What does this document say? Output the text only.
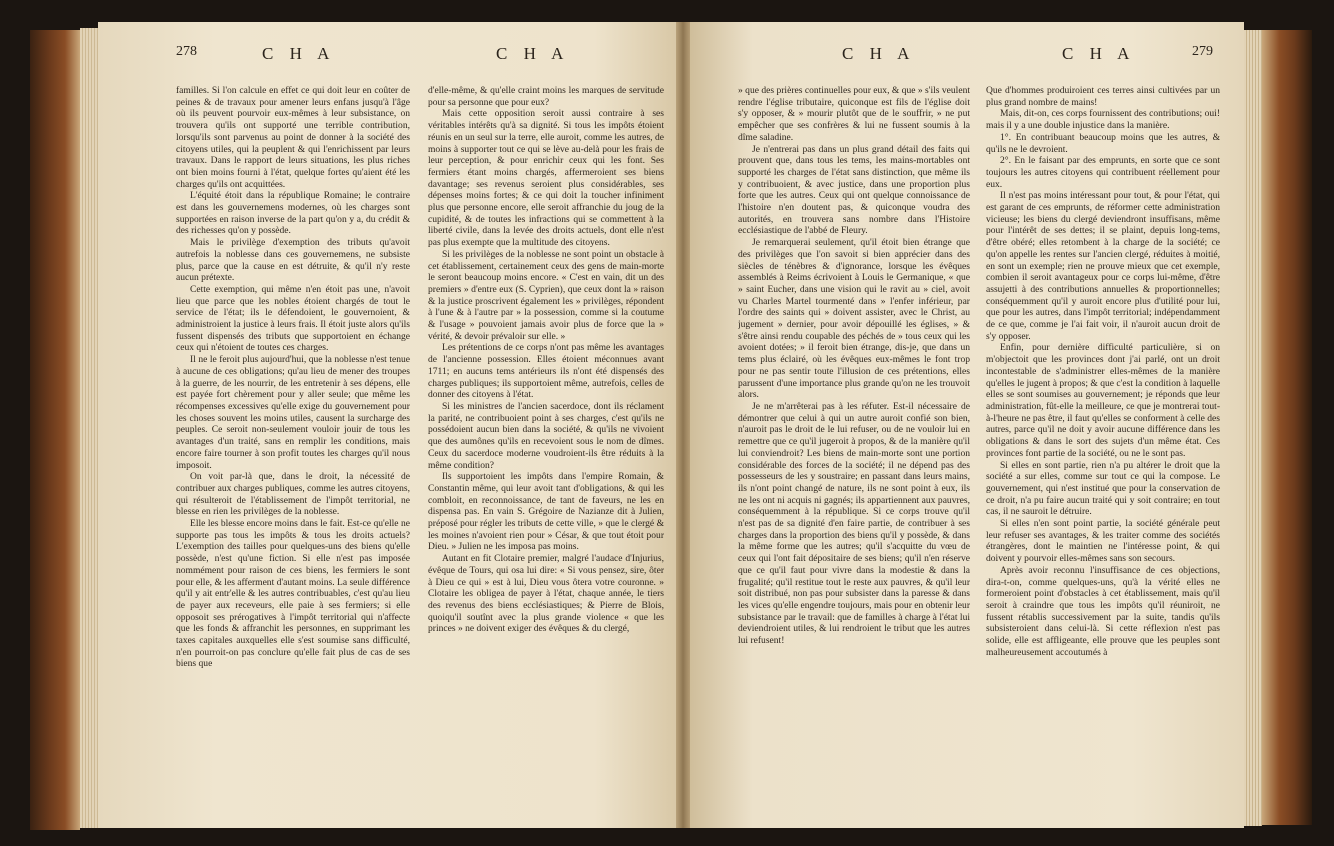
278	C H A	C H A	C H A	C H A	279

familles. Si l'on calcule en effet ce qui doit leur en coûter de peines & de travaux pour amener leurs enfans jusqu'à l'âge où ils peuvent pourvoir eux-mêmes à leur subsistance, on trouvera qu'ils ont supporté une terrible contribution, lorsqu'ils sont parvenus au point de donner à la société des citoyens utiles, qui la peuplent & qui l'enrichissent par leurs travaux. Dans le rapport de leurs situations, les plus riches ont bien moins fourni à l'état, quelque fortes qu'aient été les charges qu'ils ont acquittées.

L'équité étoit dans la république Romaine; le contraire est dans les gouvernemens modernes, où les charges sont supportées en raison inverse de la part qu'on y a, du crédit & des richesses qu'on y possède.

Mais le privilège d'exemption des tributs qu'avoit autrefois la noblesse dans ces gouvernemens, ne subsiste plus, parce que la cause en est détruite, & qu'il n'y reste aucun prétexte.

Cette exemption, qui même n'en étoit pas une, n'avoit lieu que parce que les nobles étoient chargés de tout le service de l'état; ils le défendoient, le gouvernoient, & administroient la justice à leurs frais. Il étoit juste alors qu'ils fussent dispensés des tributs que supportoient en échange ceux qui n'étoient de toutes ces charges.

Il ne le feroit plus aujourd'hui, que la noblesse n'est tenue à aucune de ces obligations; qu'au lieu de mener des troupes à la guerre, de les nourrir, de les entretenir à ses dépens, elle est payée fort chèrement pour y aller seule; que même les récompenses excessives qu'elle exige du gouvernement pour les choses souvent les moins utiles, causent la surcharge des peuples. Ce seroit non-seulement vouloir jouir de tous les avantages d'un traité, sans en remplir les conditions, mais encore faire tourner à son profit toutes les charges qu'il nous imposoit.

On voit par-là que, dans le droit, la nécessité de contribuer aux charges publiques, comme les autres citoyens, qui résulteroit de l'établissement de l'impôt territorial, ne blesse en rien les privilèges de la noblesse.

Elle les blesse encore moins dans le fait. Est-ce qu'elle ne supporte pas tous les impôts & tous les droits actuels? L'exemption des tailles pour quelques-uns des biens qu'elle possède, n'est qu'une fiction. Si elle n'est pas imposée nommément pour raison de ces biens, les fermiers le sont pour elle, & les afferment d'autant moins. La seule différence qu'il y ait entr'elle & les autres contribuables, c'est qu'au lieu de payer aux receveurs, elle paie à ses fermiers; si elle opposoit ses prérogatives à l'impôt territorial qui n'affecte que les fonds & affranchit les personnes, en supprimant les taxes capitales auxquelles elle s'est soumise sans difficulté, n'en pourroit-on pas conclure qu'elle fait plus de cas de ses biens que

d'elle-même, & qu'elle craint moins les marques de servitude pour sa personne que pour eux?

Mais cette opposition seroit aussi contraire à ses véritables intérêts qu'à sa dignité. Si tous les impôts étoient réunis en un seul sur la terre, elle auroit, comme les autres, de moins à supporter tout ce qui se lève au-delà pour les frais de leur perception, & pour enrichir ceux qui les font. Ses fermiers étant moins chargés, affermeroient ses biens davantage; ses revenus seroient plus considérables, ses dépenses moins fortes; & ce qui doit la toucher infiniment plus que personne encore, elle seroit affranchie du joug de la cupidité, & de toutes les infractions qui se commettent à la liberté civile, dans la levée des droits actuels, dont elle n'est pas plus exempte que la multitude des citoyens.

Si les privilèges de la noblesse ne sont point un obstacle à cet établissement, certainement ceux des gens de main-morte le seront beaucoup moins encore. « C'est en vain, dit un des premiers » d'entre eux (S. Cyprien), que ceux dont la » raison & la justice proscrivent également les » privilèges, répondent à l'une & à l'autre par » la possession, comme si la coutume & l'usage » pouvoient jamais avoir plus de force que la » vérité, & devoir prévaloir sur elle. »

Les prétentions de ce corps n'ont pas même les avantages de l'ancienne possession. Elles étoient méconnues avant 1711; en aucuns tems antérieurs ils n'ont été dispensés des charges publiques; ils supportoient même, autrefois, celles de donner des citoyens à l'état.

Si les ministres de l'ancien sacerdoce, dont ils réclament la parité, ne contribuoient point à ses charges, c'est qu'ils ne possédoient aucun bien dans la société, & qu'ils ne vivoient que des aumônes qu'ils en recevoient sous le nom de dîmes. Ceux du sacerdoce moderne voudroient-ils être réduits à la même condition?

Ils supportoient les impôts dans l'empire Romain, & Constantin même, qui leur avoit tant d'obligations, & qui les combloit, en reconnoissance, de tant de faveurs, ne les en dispensa pas. En vain S. Grégoire de Nazianze dit à Julien, préposé pour régler les tributs de cette ville, » que le clergé & les moines n'avoient rien pour » César, & que tout étoit pour Dieu. » Julien ne les imposa pas moins.

Autant en fit Clotaire premier, malgré l'audace d'Injurius, évêque de Tours, qui osa lui dire: « Si vous pensez, sire, ôter à Dieu ce qui » est à lui, Dieu vous ôtera votre couronne. » Clotaire les obligea de payer à l'état, chaque année, le tiers des revenus des biens ecclésiastiques; & Pierre de Blois, quoiqu'il soutînt avec la plus grande violence « que les princes » ne doivent exiger des évêques & du clergé,

» que des prières continuelles pour eux, & que » s'ils veulent rendre l'église tributaire, quiconque est fils de l'église doit s'y opposer, & » mourir plutôt que de le souffrir, » ne put empêcher que ses confrères & lui ne fussent soumis à la dîme saladine.

Je n'entrerai pas dans un plus grand détail des faits qui prouvent que, dans tous les tems, les mains-mortables ont supporté les charges de l'état sans distinction, que même ils y contribuoient, & avec justice, dans une proportion plus forte que les autres. Ceux qui ont quelque connoissance de l'histoire n'en doutent pas, & quiconque voudra des autorités, en trouvera sans nombre dans l'Histoire ecclésiastique de l'abbé de Fleury.

Je remarquerai seulement, qu'il étoit bien étrange que des privilèges que l'on savoit si bien apprécier dans des siècles de ténèbres & d'ignorance, lorsque les évêques assemblés à Reims écrivoient à Louis le Germanique, « que » saint Eucher, dans une vision qui le ravit au » ciel, avoit vu Charles Martel tourmenté dans » l'enfer inférieur, par l'ordre des saints qui » doivent assister, avec le Christ, au jugement » dernier, pour avoir dépouillé les églises, » & s'être ainsi rendu coupable des péchés de » tous ceux qui les avoient dotées; » il feroit bien étrange, dis-je, que dans un tems plus éclairé, où les évêques eux-mêmes le font trop pour ne pas sentir toute l'illusion de ces prétentions, elles parussent d'une importance plus grande qu'on ne les trouvoit alors.

Je ne m'arrêterai pas à les réfuter. Est-il nécessaire de démontrer que celui à qui un autre auroit confié son bien, n'auroit pas le droit de le lui refuser, ou de ne vouloir lui en remettre que ce qu'il jugeroit à propos, & de la manière qu'il lui conviendroit? Les biens de main-morte sont une portion considérable des forces de la société; il ne dépend pas des possesseurs de les y soustraire; en passant dans leurs mains, ils n'ont point changé de nature, ils ne sont point à eux, ils ne les ont ni acquis ni gagnés; ils appartiennent aux pauvres, conséquemment à la république. Si ce corps trouve qu'il n'est pas de sa dignité d'en faire partie, de contribuer à ses charges dans la proportion des biens qu'il y possède, & dans la même forme que les autres; qu'il s'acquitte du vœu de ceux qui l'ont fait dépositaire de ses biens; qu'il n'en réserve que ce qu'il faut pour vivre dans la modestie & dans la frugalité; qu'il restitue tout le reste aux pauvres, & qu'il leur soit distribué, non pas pour subsister dans la paresse & dans les vices qu'elle engendre toujours, mais pour en obtenir leur subsistance par le travail: que de familles à charge à l'état lui deviendroient utiles, & lui rendroient le tribut que les autres lui refusent!

Que d'hommes produiroient ces terres ainsi cultivées par un plus grand nombre de mains!

Mais, dit-on, ces corps fournissent des contributions; oui! mais il y a une double injustice dans la manière.

1°. En contribuant beaucoup moins que les autres, & qu'ils ne le devroient.

2°. En le faisant par des emprunts, en sorte que ce sont toujours les autres citoyens qui contribuent réellement pour eux.

Il n'est pas moins intéressant pour tout, & pour l'état, qui est garant de ces emprunts, de réformer cette administration vicieuse; les biens du clergé deviendront insuffisans, même pour l'intérêt de ses dettes; il se plaint, depuis long-tems, d'être obéré; elles retombent à la charge de la société; ce qu'on appelle les rentes sur l'ancien clergé, réduites à moitié, en sont un exemple; rien ne prouve mieux que cet exemple, combien il seroit avantageux pour ce corps lui-même, d'être assujetti à des contributions annuelles & proportionnelles; conséquemment qu'il y auroit encore plus d'utilité pour lui, que pour les autres, dans l'impôt territorial; indépendamment de ce que, comme je l'ai fait voir, il n'auroit aucun droit de s'y opposer.

Enfin, pour dernière difficulté particulière, si on m'objectoit que les provinces dont j'ai parlé, ont un droit incontestable de s'administrer elles-mêmes de la manière qu'elles le jugent à propos; & que c'est la condition à laquelle elles se sont soumises au gouvernement; je réponds que leur administration, fût-elle la meilleure, ce que je montrerai tout-à-l'heure ne pas être, il faut qu'elles se conforment à celle des autres, parce qu'il ne doit y avoir aucune différence dans les obligations & dans le sort des sujets d'un même état. Ces provinces font partie de la société, ou ne le sont pas.

Si elles en sont partie, rien n'a pu altérer le droit que la société a sur elles, comme sur tout ce qui la compose. Le gouvernement, qui n'est institué que pour la conservation de ce droit, n'a pu faire aucun traité qui y soit contraire; en tout cas, il ne sauroit le détruire.

Si elles n'en sont point partie, la société générale peut leur refuser ses avantages, & les traiter comme des sociétés étrangères, dont le maintien ne l'intéresse point, & qui doivent y pourvoir elles-mêmes sans son secours.

Après avoir reconnu l'insuffisance de ces objections, dira-t-on, comme quelques-uns, qu'à la vérité elles ne formeroient point d'obstacles à cet établissement, mais qu'il seroit à craindre que tous les impôts qu'il réuniroit, ne fussent rétablis successivement par la suite, tandis qu'ils subsisteroient dans celui-là. Si cette réflexion n'est pas solide, elle est affligeante, elle prouve que les peuples sont malheureusement accoutumés à
